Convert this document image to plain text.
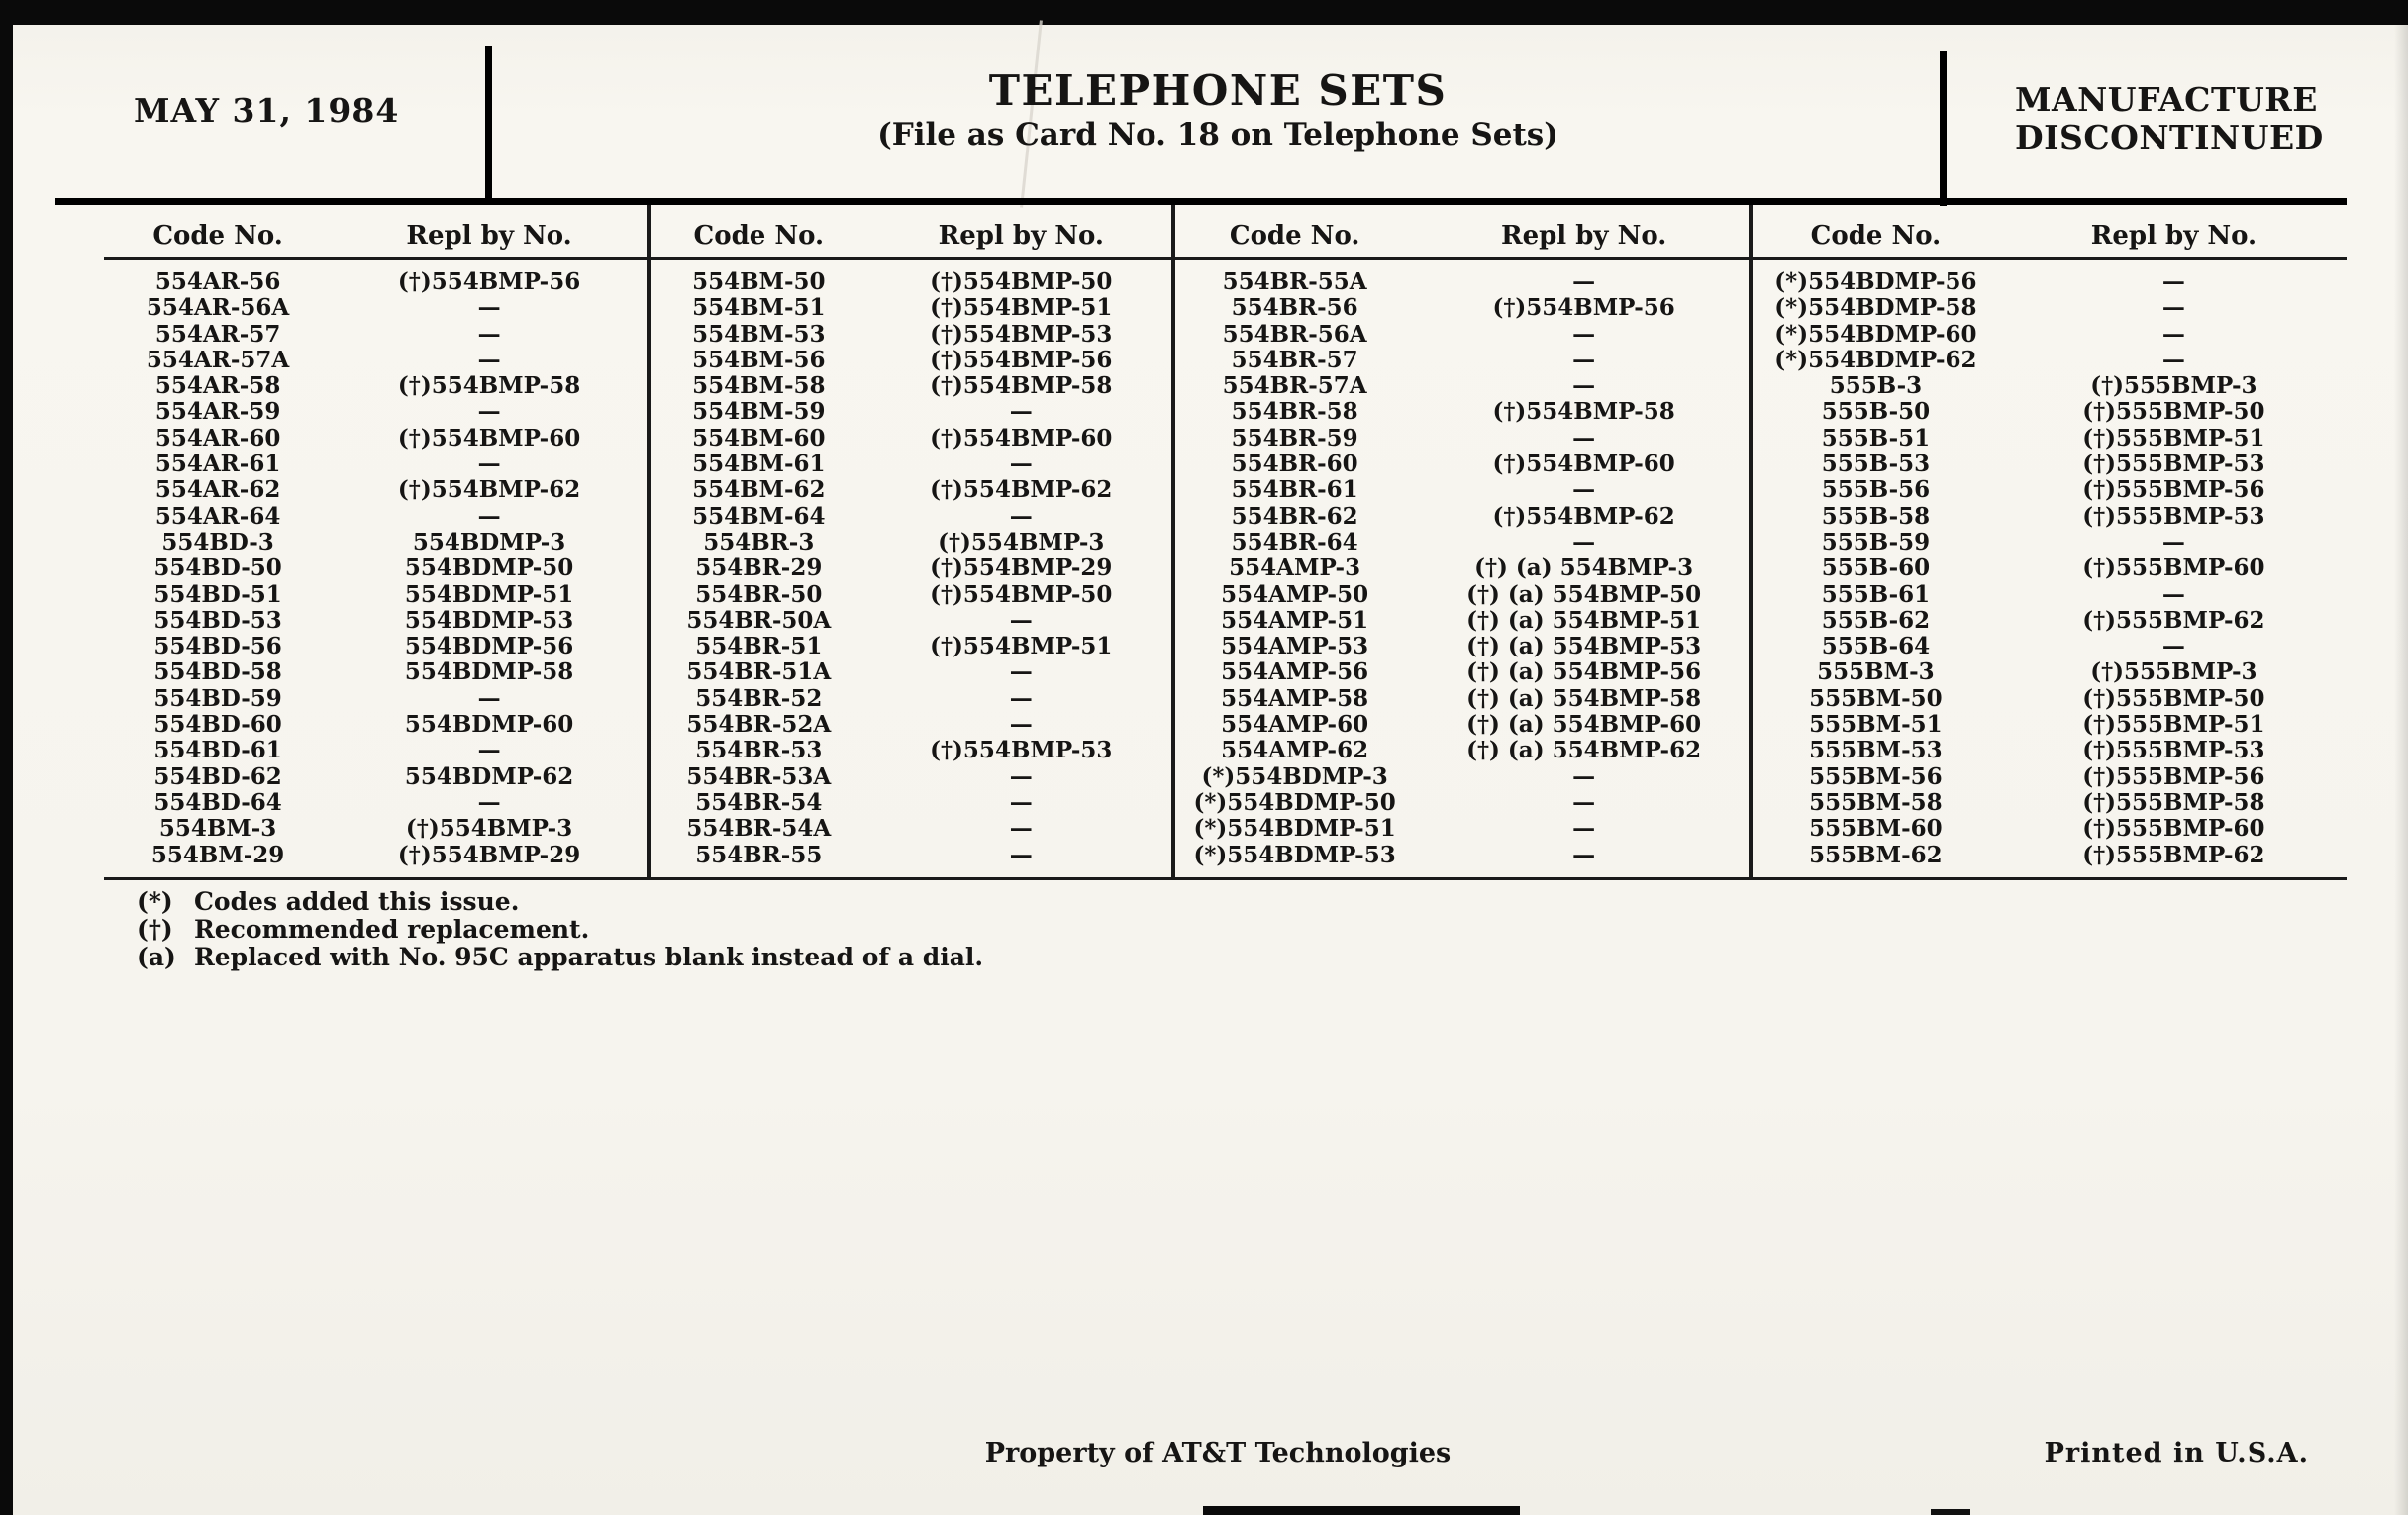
MAY 31, 1984	TELEPHONE SETS
(File as Card No. 18 on Telephone Sets)
MANUFACTURE
DISCONTINUED
Code No.	Repl by No.
554AR-56	(†)554BMP-56
554AR-56A	—
554AR-57	—
554AR-57A	—
554AR-58	(†)554BMP-58
554AR-59	—
554AR-60	(†)554BMP-60
554AR-61	—
554AR-62	(†)554BMP-62
554AR-64	—
554BD-3	554BDMP-3
554BD-50	554BDMP-50
554BD-51	554BDMP-51
554BD-53	554BDMP-53
554BD-56	554BDMP-56
554BD-58	554BDMP-58
554BD-59	—
554BD-60	554BDMP-60
554BD-61	—
554BD-62	554BDMP-62
554BD-64	—
554BM-3	(†)554BMP-3
554BM-29	(†)554BMP-29
Code No.	Repl by No.
554BM-50	(†)554BMP-50
554BM-51	(†)554BMP-51
554BM-53	(†)554BMP-53
554BM-56	(†)554BMP-56
554BM-58	(†)554BMP-58
554BM-59	—
554BM-60	(†)554BMP-60
554BM-61	—
554BM-62	(†)554BMP-62
554BM-64	—
554BR-3	(†)554BMP-3
554BR-29	(†)554BMP-29
554BR-50	(†)554BMP-50
554BR-50A	—
554BR-51	(†)554BMP-51
554BR-51A	—
554BR-52	—
554BR-52A	—
554BR-53	(†)554BMP-53
554BR-53A	—
554BR-54	—
554BR-54A	—
554BR-55	—
Code No.	Repl by No.
554BR-55A	—
554BR-56	(†)554BMP-56
554BR-56A	—
554BR-57	—
554BR-57A	—
554BR-58	(†)554BMP-58
554BR-59	—
554BR-60	(†)554BMP-60
554BR-61	—
554BR-62	(†)554BMP-62
554BR-64	—
554AMP-3	(†) (a) 554BMP-3
554AMP-50	(†) (a) 554BMP-50
554AMP-51	(†) (a) 554BMP-51
554AMP-53	(†) (a) 554BMP-53
554AMP-56	(†) (a) 554BMP-56
554AMP-58	(†) (a) 554BMP-58
554AMP-60	(†) (a) 554BMP-60
554AMP-62	(†) (a) 554BMP-62
(*)554BDMP-3	—
(*)554BDMP-50	—
(*)554BDMP-51	—
(*)554BDMP-53	—
Code No.	Repl by No.
(*)554BDMP-56	—
(*)554BDMP-58	—
(*)554BDMP-60	—
(*)554BDMP-62	—
555B-3	(†)555BMP-3
555B-50	(†)555BMP-50
555B-51	(†)555BMP-51
555B-53	(†)555BMP-53
555B-56	(†)555BMP-56
555B-58	(†)555BMP-53
555B-59	—
555B-60	(†)555BMP-60
555B-61	—
555B-62	(†)555BMP-62
555B-64	—
555BM-3	(†)555BMP-3
555BM-50	(†)555BMP-50
555BM-51	(†)555BMP-51
555BM-53	(†)555BMP-53
555BM-56	(†)555BMP-56
555BM-58	(†)555BMP-58
555BM-60	(†)555BMP-60
555BM-62	(†)555BMP-62
(*) Codes added this issue.
(†) Recommended replacement.
(a) Replaced with No. 95C apparatus blank instead of a dial.
Property of AT&T Technologies	Printed in U.S.A.
